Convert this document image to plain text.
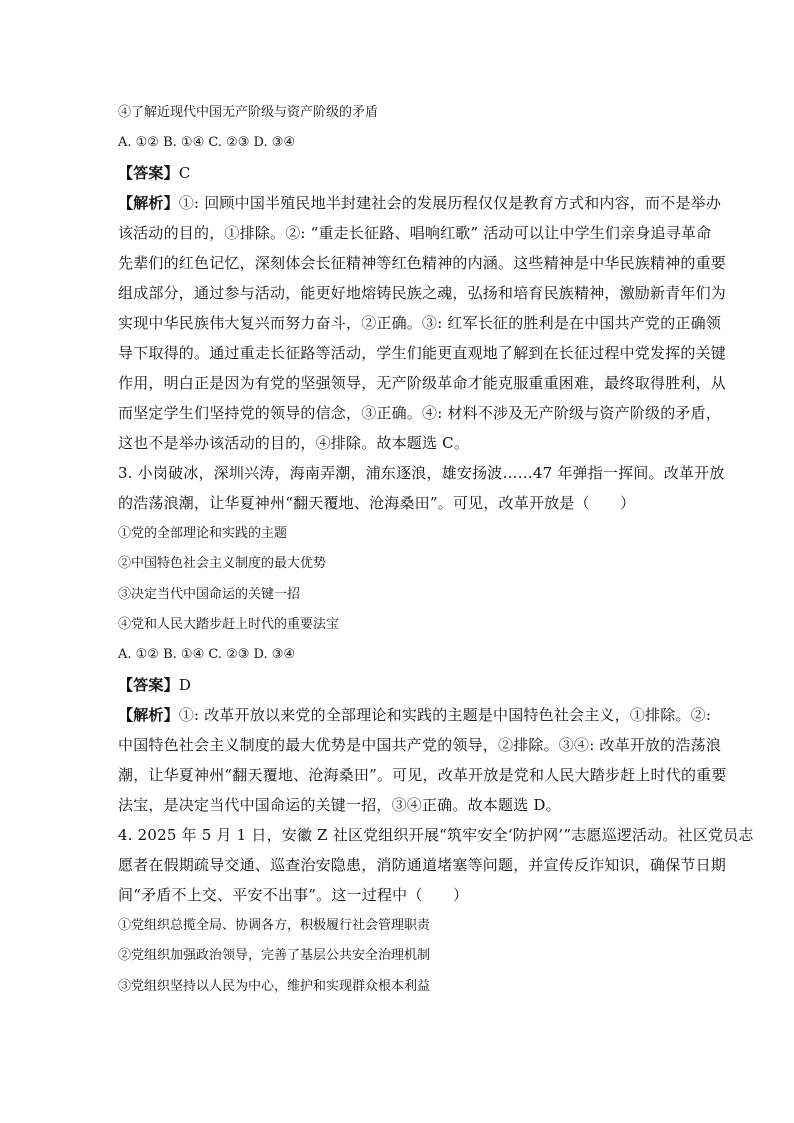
④了解近现代中国无产阶级与资产阶级的矛盾
A. ①② B. ①④ C. ②③ D. ③④
【答案】C
【解析】①: 回顾中国半殖民地半封建社会的发展历程仅仅是教育方式和内容，而不是举办
该活动的目的，①排除。②: “重走长征路、唱响红歌” 活动可以让中学生们亲身追寻革命
先辈们的红色记忆，深刻体会长征精神等红色精神的内涵。这些精神是中华民族精神的重要
组成部分，通过参与活动，能更好地熔铸民族之魂，弘扬和培育民族精神，激励新青年们为
实现中华民族伟大复兴而努力奋斗，②正确。③: 红军长征的胜利是在中国共产党的正确领
导下取得的。通过重走长征路等活动，学生们能更直观地了解到在长征过程中党发挥的关键
作用，明白正是因为有党的坚强领导，无产阶级革命才能克服重重困难，最终取得胜利，从
而坚定学生们坚持党的领导的信念，③正确。④: 材料不涉及无产阶级与资产阶级的矛盾，
这也不是举办该活动的目的，④排除。故本题选 C。
3. 小岗破冰，深圳兴涛，海南弄潮，浦东逐浪，雄安扬波……47 年弹指一挥间。改革开放
的浩荡浪潮，让华夏神州“翻天覆地、沧海桑田”。可见，改革开放是（　　）
①党的全部理论和实践的主题
②中国特色社会主义制度的最大优势
③决定当代中国命运的关键一招
④党和人民大踏步赶上时代的重要法宝
A. ①② B. ①④ C. ②③ D. ③④
【答案】D
【解析】①: 改革开放以来党的全部理论和实践的主题是中国特色社会主义，①排除。②:
中国特色社会主义制度的最大优势是中国共产党的领导，②排除。③④: 改革开放的浩荡浪
潮，让华夏神州“翻天覆地、沧海桑田”。可见，改革开放是党和人民大踏步赶上时代的重要
法宝，是决定当代中国命运的关键一招，③④正确。故本题选 D。
4. 2025 年 5 月 1 日，安徽 Z 社区党组织开展“筑牢安全‘防护网’”志愿巡逻活动。社区党员志
愿者在假期疏导交通、巡查治安隐患，消防通道堵塞等问题，并宣传反诈知识，确保节日期
间“矛盾不上交、平安不出事”。这一过程中（　　）
①党组织总揽全局、协调各方，积极履行社会管理职责
②党组织加强政治领导，完善了基层公共安全治理机制
③党组织坚持以人民为中心，维护和实现群众根本利益
